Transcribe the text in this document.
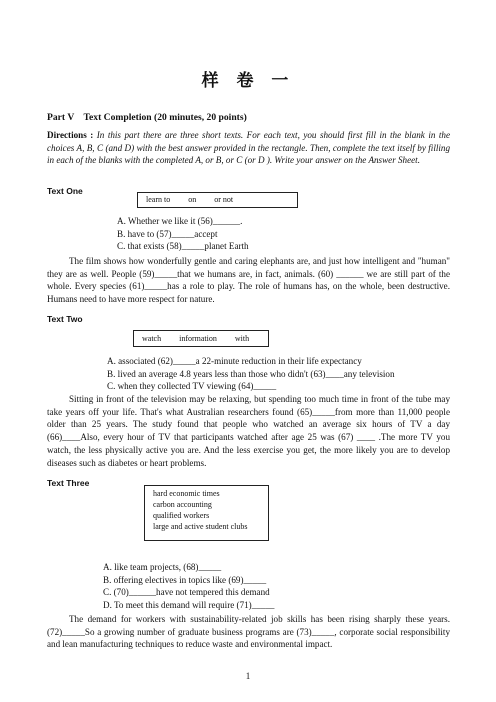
样 卷 一
Part V    Text Completion (20 minutes, 20 points)
Directions : In this part there are three short texts. For each text, you should first fill in the blank in the choices A, B, C (and D) with the best answer provided in the rectangle. Then, complete the text itself by filling in each of the blanks with the completed A, or B, or C (or D ). Write your answer on the Answer Sheet.
Text One
learn to on or not
A. Whether we like it (56)______.
B. have to (57)_____accept
C. that exists (58)_____planet Earth
The film shows how wonderfully gentle and caring elephants are, and just how intelligent and "human" they are as well. People (59)_____that we humans are, in fact, animals. (60) ______ we are still part of the whole. Every species (61)_____has a role to play. The role of humans has, on the whole, been destructive. Humans need to have more respect for nature.
Text Two
watch information with
A. associated (62)_____a 22-minute reduction in their life expectancy
B. lived an average 4.8 years less than those who didn't (63)____any television
C. when they collected TV viewing (64)_____
Sitting in front of the television may be relaxing, but spending too much time in front of the tube may take years off your life. That's what Australian researchers found (65)_____from more than 11,000 people older than 25 years. The study found that people who watched an average six hours of TV a day (66)____Also, every hour of TV that participants watched after age 25 was (67) ____ .The more TV you watch, the less physically active you are. And the less exercise you get, the more likely you are to develop diseases such as diabetes or heart problems.
Text Three
hard economic times
carbon accounting
qualified workers
large and active student clubs
A. like team projects, (68)_____
B. offering electives in topics like (69)_____
C. (70)______have not tempered this demand
D. To meet this demand will require (71)_____
The demand for workers with sustainability-related job skills has been rising sharply these years. (72)_____So a growing number of graduate business programs are (73)_____, corporate social responsibility and lean manufacturing techniques to reduce waste and environmental impact.
1
